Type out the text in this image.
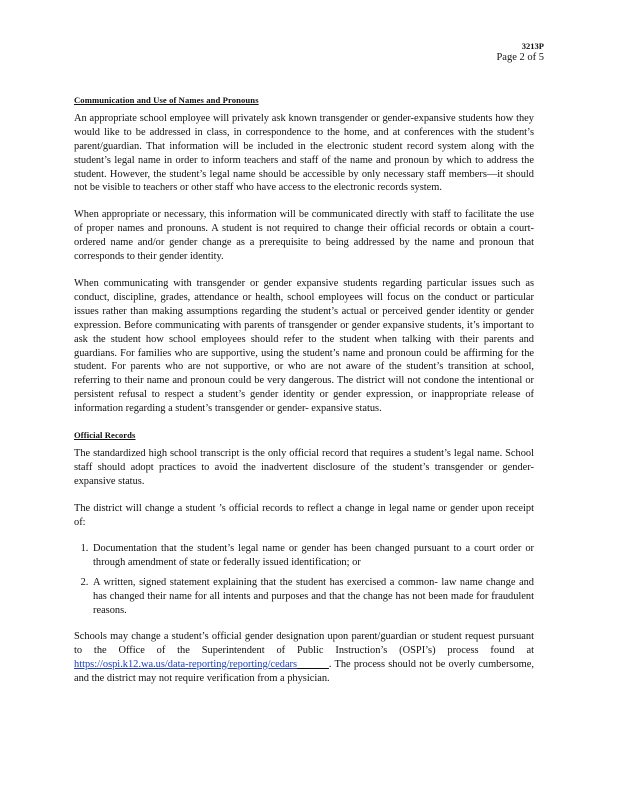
3213P
Page 2 of 5
Communication and Use of Names and Pronouns

An appropriate school employee will privately ask known transgender or gender-expansive students how they would like to be addressed in class, in correspondence to the home, and at conferences with the student’s parent/guardian. That information will be included in the electronic student record system along with the student’s legal name in order to inform teachers and staff of the name and pronoun by which to address the student. However, the student’s legal name should be accessible by only necessary staff members—it should not be visible to teachers or other staff who have access to the electronic records system.

When appropriate or necessary, this information will be communicated directly with staff to facilitate the use of proper names and pronouns. A student is not required to change their official records or obtain a court-ordered name and/or gender change as a prerequisite to being addressed by the name and pronoun that corresponds to their gender identity.

When communicating with transgender or gender expansive students regarding particular issues such as conduct, discipline, grades, attendance or health, school employees will focus on the conduct or particular issues rather than making assumptions regarding the student’s actual or perceived gender identity or gender expression. Before communicating with parents of transgender or gender expansive students, it’s important to ask the student how school employees should refer to the student when talking with their parents and guardians. For families who are supportive, using the student’s name and pronoun could be affirming for the student. For parents who are not supportive, or who are not aware of the student’s transition at school, referring to their name and pronoun could be very dangerous. The district will not condone the intentional or persistent refusal to respect a student’s gender identity or gender expression, or inappropriate release of information regarding a student’s transgender or gender- expansive status.

Official Records

The standardized high school transcript is the only official record that requires a student’s legal name. School staff should adopt practices to avoid the inadvertent disclosure of the student’s transgender or gender- expansive status.

The district will change a student ’s official records to reflect a change in legal name or gender upon receipt of:

1. Documentation that the student’s legal name or gender has been changed pursuant to a court order or through amendment of state or federally issued identification; or
2. A written, signed statement explaining that the student has exercised a common- law name change and has changed their name for all intents and purposes and that the change has not been made for fraudulent reasons.

Schools may change a student’s official gender designation upon parent/guardian or student request pursuant to the Office of the Superintendent of Public Instruction’s (OSPI’s) process found at https://ospi.k12.wa.us/data-reporting/reporting/cedars	. The process should not be overly cumbersome, and the district may not require verification from a physician.
